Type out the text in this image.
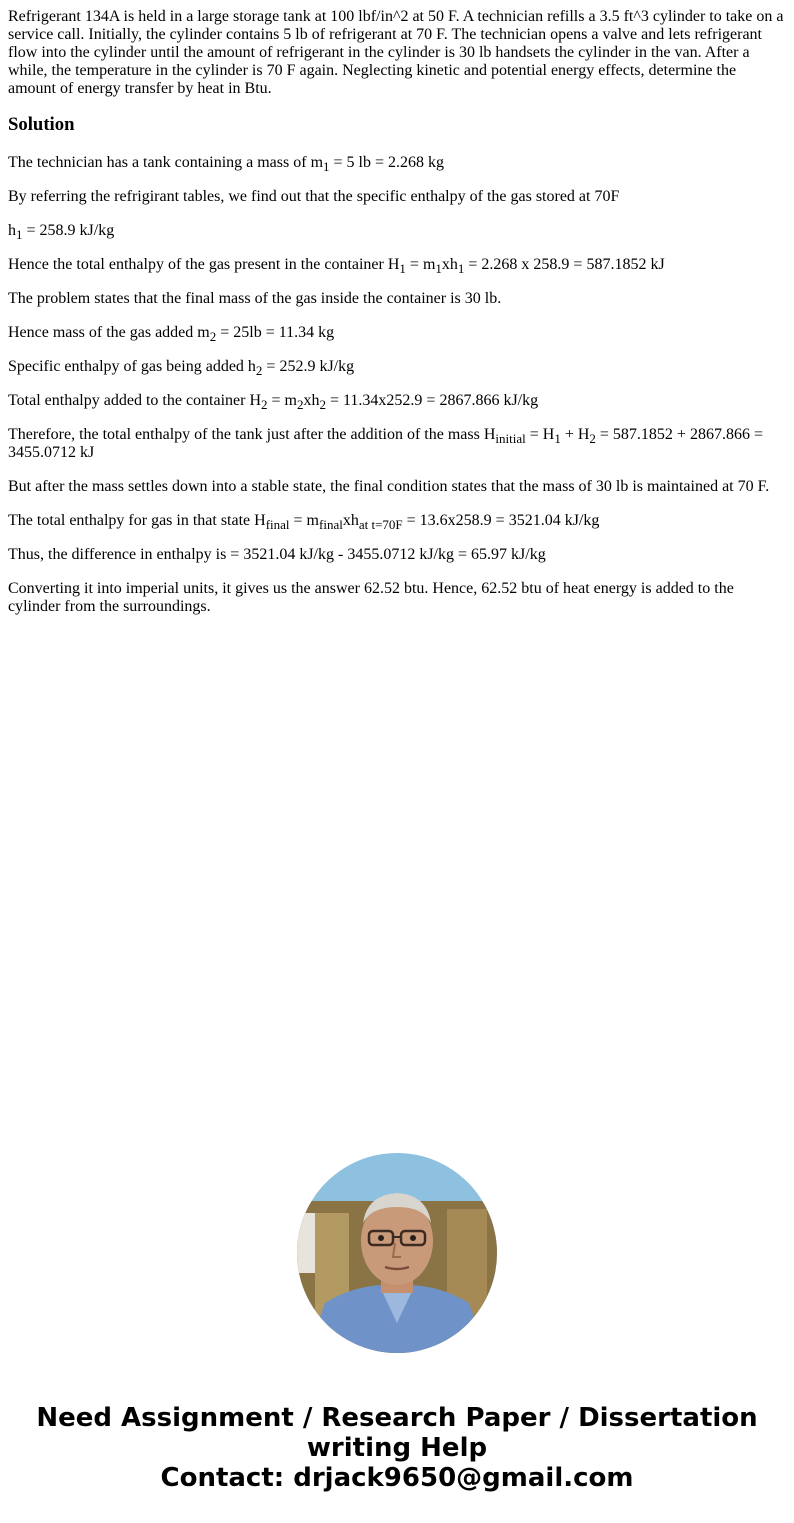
Refrigerant 134A is held in a large storage tank at 100 lbf/in^2 at 50 F. A technician refills a 3.5 ft^3 cylinder to take on a service call. Initially, the cylinder contains 5 lb of refrigerant at 70 F. The technician opens a valve and lets refrigerant flow into the cylinder until the amount of refrigerant in the cylinder is 30 lb handsets the cylinder in the van. After a while, the temperature in the cylinder is 70 F again. Neglecting kinetic and potential energy effects, determine the amount of energy transfer by heat in Btu.

Solution

The technician has a tank containing a mass of $m_1 = 5$ lb = 2.268 kg

By referring the refrigirant tables, we find out that the specific enthalpy of the gas stored at 70F

$h_1 = 258.9$ kJ/kg

Hence the total enthalpy of the gas present in the container $H_1 = m_1xh_1 = 2.268$ x 258.9 = 587.1852 kJ

The problem states that the final mass of the gas inside the container is 30 lb.

Hence mass of the gas added $m_2 = 25lb = 11.34$ kg

Specific enthalpy of gas being added $h_2 = 252.9$ kJ/kg

Total enthalpy added to the container $H_2 = m_2xh_2 = 11.34x252.9 = 2867.866$ kJ/kg

Therefore, the total enthalpy of the tank just after the addition of the mass $H_{initial} = H_1 + H_2 = 587.1852 + 2867.866 = 3455.0712$ kJ

But after the mass settles down into a stable state, the final condition states that the mass of 30 lb is maintained at 70 F.

The total enthalpy for gas in that state $H_{final} = m_{final}xh_{at t=70F} = 13.6x258.9 = 3521.04$ kJ/kg

Thus, the difference in enthalpy is = 3521.04 kJ/kg - 3455.0712 kJ/kg = 65.97 kJ/kg

Converting it into imperial units, it gives us the answer 62.52 btu. Hence, 62.52 btu of heat energy is added to the cylinder from the surroundings.

Need Assignment / Research Paper / Dissertation
writing Help
Contact: drjack9650@gmail.com
